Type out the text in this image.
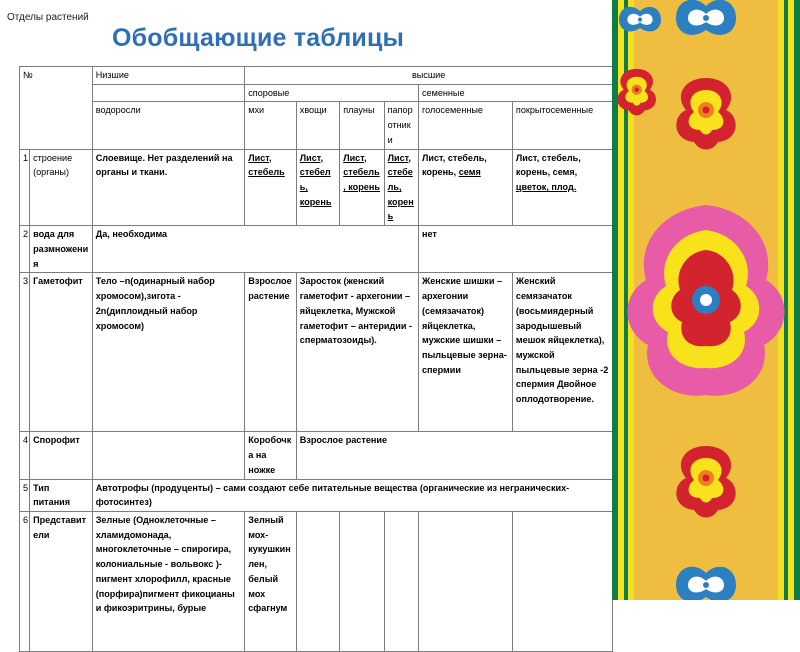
Отделы растений
Обобщающие таблицы
№		Низшие	высшие					
			споровые				семенные	
		водоросли	мхи	хвощи	плауны	папоротники	голосеменные	покрытосеменные
1	строение (органы)	Слоевище. Нет разделений на органы и ткани.	Лист, стебель	Лист, стебель, корень	Лист, стебель, корень	Лист, стебель, корень	Лист, стебель, корень, семя	Лист, стебель, корень, семя, цветок, плод.
2	вода для размножения	Да, необходима					нет	
3	Гаметофит	Тело –n(одинарный набор хромосом),зигота - 2n(диплоидный набор хромосом)	Взрослое растение	Заросток (женский гаметофит - архегонии – яйцеклетка, Мужской гаметофит – антеридии - сперматозоиды).			Женские шишки – архегонии (семязачаток) яйцеклетка, мужские шишки – пыльцевые зерна- спермии	Женский семязачаток (восьмиядерный зародышевый мешок яйцеклетка), мужской пыльцевые зерна -2 спермия Двойное оплодотворение.
4	Спорофит		Коробочка на ножке	Взрослое растение				
5	Тип питания	Автотрофы (продуценты) – сами создают себе питательные вещества (органические из неграничеcких- фотосинтез)						
6	Представители	Зелные (Одноклеточные – хламидомонада, многоклеточные – спирогира, колониальные - вольвокс )-пигмент хлорофилл, красные (порфира)пигмент фикоцианы и фикоэритрины, бурые	Зелный мох-кукушкин лен, белый мох сфагнум					
